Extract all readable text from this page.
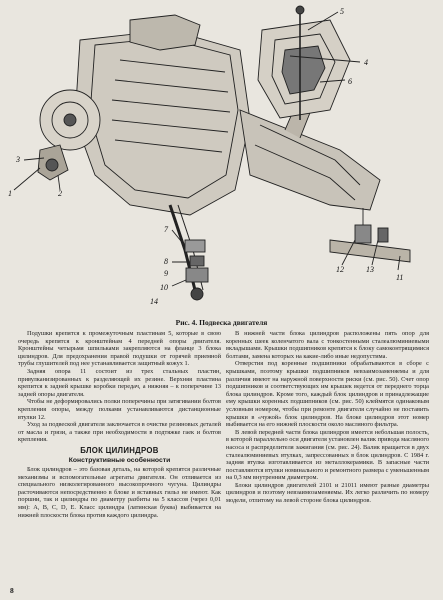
1	2
3
4
5
6
7
8
9
10
11
12	13
14
Рис. 4. Подвеска двигателя

Подушки крепятся к промежуточным пластинам 5, которые в свою очередь крепятся к кронштейнам 4 передней опоры двигателя. Кронштейны четырьмя шпильками закрепляются на фланце 3 блока цилиндров. Для предохранения правой подушки от горячей приемной трубы глушителей под нее устанавливается защитный кожух 1.

Задняя опора 11 состоит из трех стальных пластин, привулканизированных к разделяющей их резине. Верхняя пластина крепится к задней крышке коробки передач, а нижняя – к поперечине 13 задней опоры двигателя.

Чтобы не деформировались полки поперечины при затягивании болтов крепления опоры, между полками устанавливаются дистанционные втулки 12.

Уход за подвеской двигателя заключается в очистке резиновых деталей от масла и грязи, а также при необходимости в подтяжке гаек и болтов крепления.

БЛОК ЦИЛИНДРОВ
Конструктивные особенности

Блок цилиндров – это базовая деталь, на которой крепятся различные механизмы и вспомогательные агрегаты двигателя. Он отливается из специального низколегированного высокопрочного чугуна. Цилиндры расточиваются непосредственно в блоке и вставных гильз не имеют. Как поршни, так и цилиндры по диаметру разбиты на 5 классов (через 0,01 мм): A, B, C, D, E. Класс цилиндра (латинская буква) выбивается на нижней плоскости блока против каждого цилиндра.

В нижней части блока цилиндров расположены пять опор для коренных шеек коленчатого вала с тонкостенными сталеалюминиевыми вкладышами. Крышки подшипников крепятся к блоку самоконтрящимися болтами, замена которых на какие-либо иные недопустима.

Отверстия под коренные подшипники обрабатываются в сборе с крышками, поэтому крышки подшипников невзаимозаменяемы и для различия имеют на наружной поверхности риски (см. рис. 50). Счет опор подшипников и соответствующих им крышек ведется от переднего торца блока цилиндров. Кроме того, каждый блок цилиндров и принадлежащие ему крышки коренных подшипников (см. рис. 50) клеймятся одинаковым условным номером, чтобы при ремонте двигателя случайно не поставить крышки в «чужой» блок цилиндров. На блоке цилиндров этот номер выбивается на его нижней плоскости около масляного фильтра.

В левой передней части блока цилиндров имеется небольшая полость, в которой параллельно оси двигателя установлен валик привода масляного насоса и распределителя зажигания (см. рис. 24). Валик вращается в двух сталеалюминиевых втулках, запрессованных в блок цилиндров. С 1984 г. задняя втулка изготавливается из металлокерамики. В запасные части поставляются втулки номинального и ремонтного размера с уменьшенным на 0,3 мм внутренним диаметром.

Блоки цилиндров двигателей 2101 и 21011 имеют разные диаметры цилиндров и поэтому невзаимозаменяемы. Их легко различить по номеру модели, отлитому на левой стороне блока цилиндров.

8
